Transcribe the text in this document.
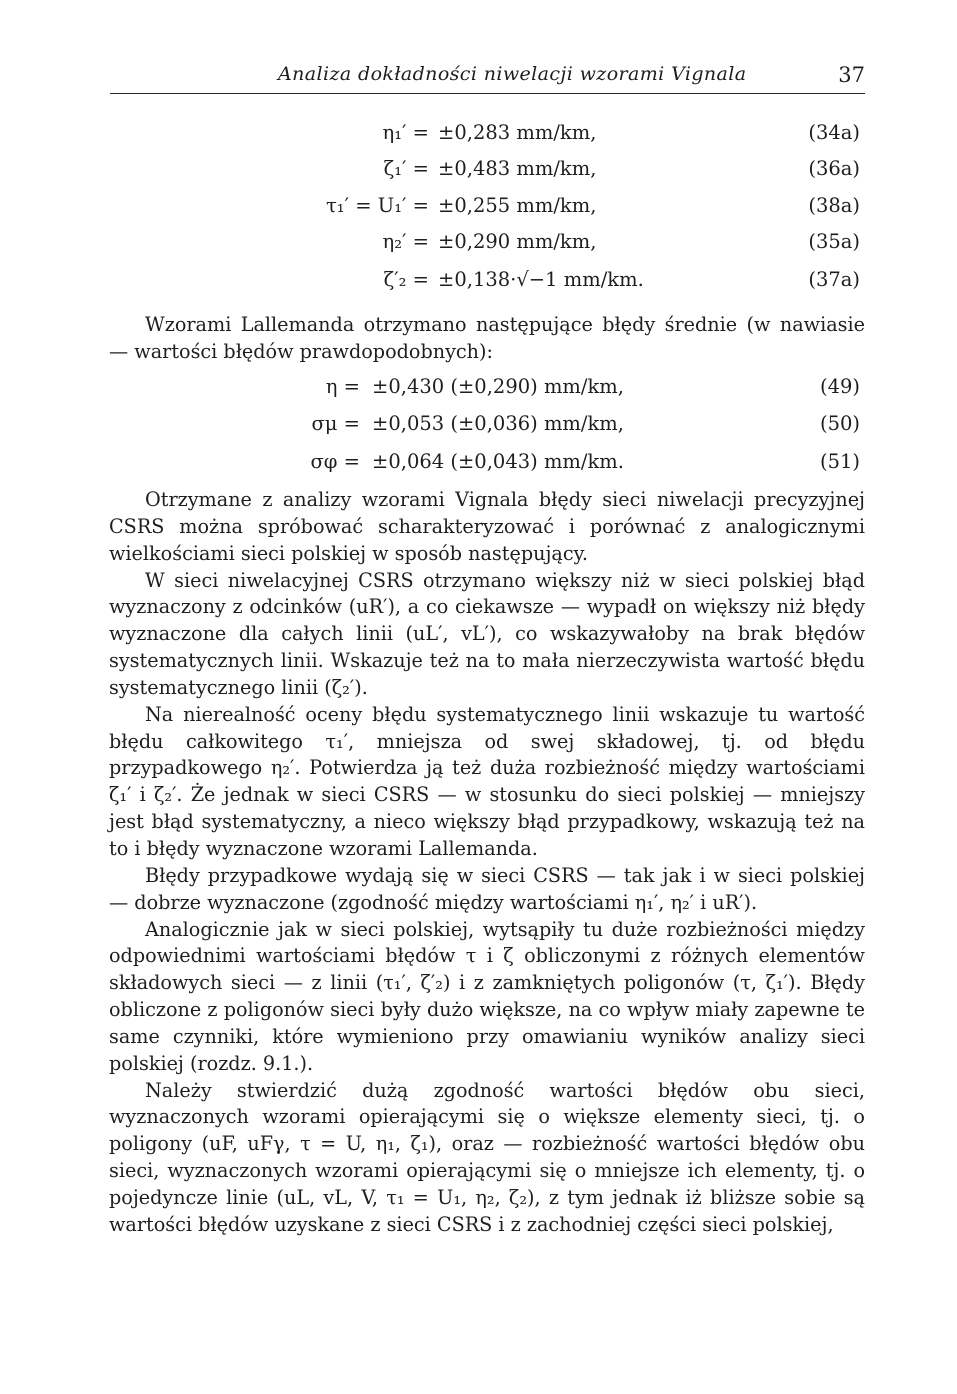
Analiza dokładności niwelacji wzorami Vignala	37
η₁′ = ±0,283 mm/km,	(34a)
ζ₁′ = ±0,483 mm/km,	(36a)
τ₁′ = U₁′ = ±0,255 mm/km,	(38a)
η₂′ = ±0,290 mm/km,	(35a)
ζ′₂ = ±0,138·√−1 mm/km.	(37a)

Wzorami Lallemanda otrzymano następujące błędy średnie (w nawiasie — wartości błędów prawdopodobnych):

η = ±0,430 (±0,290) mm/km,	(49)
σμ = ±0,053 (±0,036) mm/km,	(50)
σφ = ±0,064 (±0,043) mm/km.	(51)

Otrzymane z analizy wzorami Vignala błędy sieci niwelacji precyzyjnej CSRS można spróbować scharakteryzować i porównać z analogicznymi wielkościami sieci polskiej w sposób następujący.

W sieci niwelacyjnej CSRS otrzymano większy niż w sieci polskiej błąd wyznaczony z odcinków (uR′), a co ciekawsze — wypadł on większy niż błędy wyznaczone dla całych linii (uL′, vL′), co wskazywałoby na brak błędów systematycznych linii. Wskazuje też na to mała nierzeczywista wartość błędu systematycznego linii (ζ₂′).

Na nierealność oceny błędu systematycznego linii wskazuje tu wartość błędu całkowitego τ₁′, mniejsza od swej składowej, tj. od błędu przypadkowego η₂′. Potwierdza ją też duża rozbieżność między wartościami ζ₁′ i ζ₂′. Że jednak w sieci CSRS — w stosunku do sieci polskiej — mniejszy jest błąd systematyczny, a nieco większy błąd przypadkowy, wskazują też na to i błędy wyznaczone wzorami Lallemanda.

Błędy przypadkowe wydają się w sieci CSRS — tak jak i w sieci polskiej — dobrze wyznaczone (zgodność między wartościami η₁′, η₂′ i uR′).

Analogicznie jak w sieci polskiej, wytsąpiły tu duże rozbieżności między odpowiednimi wartościami błędów τ i ζ obliczonymi z różnych elementów składowych sieci — z linii (τ₁′, ζ′₂) i z zamkniętych poligonów (τ, ζ₁′). Błędy obliczone z poligonów sieci były dużo większe, na co wpływ miały zapewne te same czynniki, które wymieniono przy omawianiu wyników analizy sieci polskiej (rozdz. 9.1.).

Należy stwierdzić dużą zgodność wartości błędów obu sieci, wyznaczonych wzorami opierającymi się o większe elementy sieci, tj. o poligony (uF, uFγ, τ = U, η₁, ζ₁), oraz — rozbieżność wartości błędów obu sieci, wyznaczonych wzorami opierającymi się o mniejsze ich elementy, tj. o pojedyncze linie (uL, vL, V, τ₁ = U₁, η₂, ζ₂), z tym jednak iż bliższe sobie są wartości błędów uzyskane z sieci CSRS i z zachodniej części sieci polskiej,
